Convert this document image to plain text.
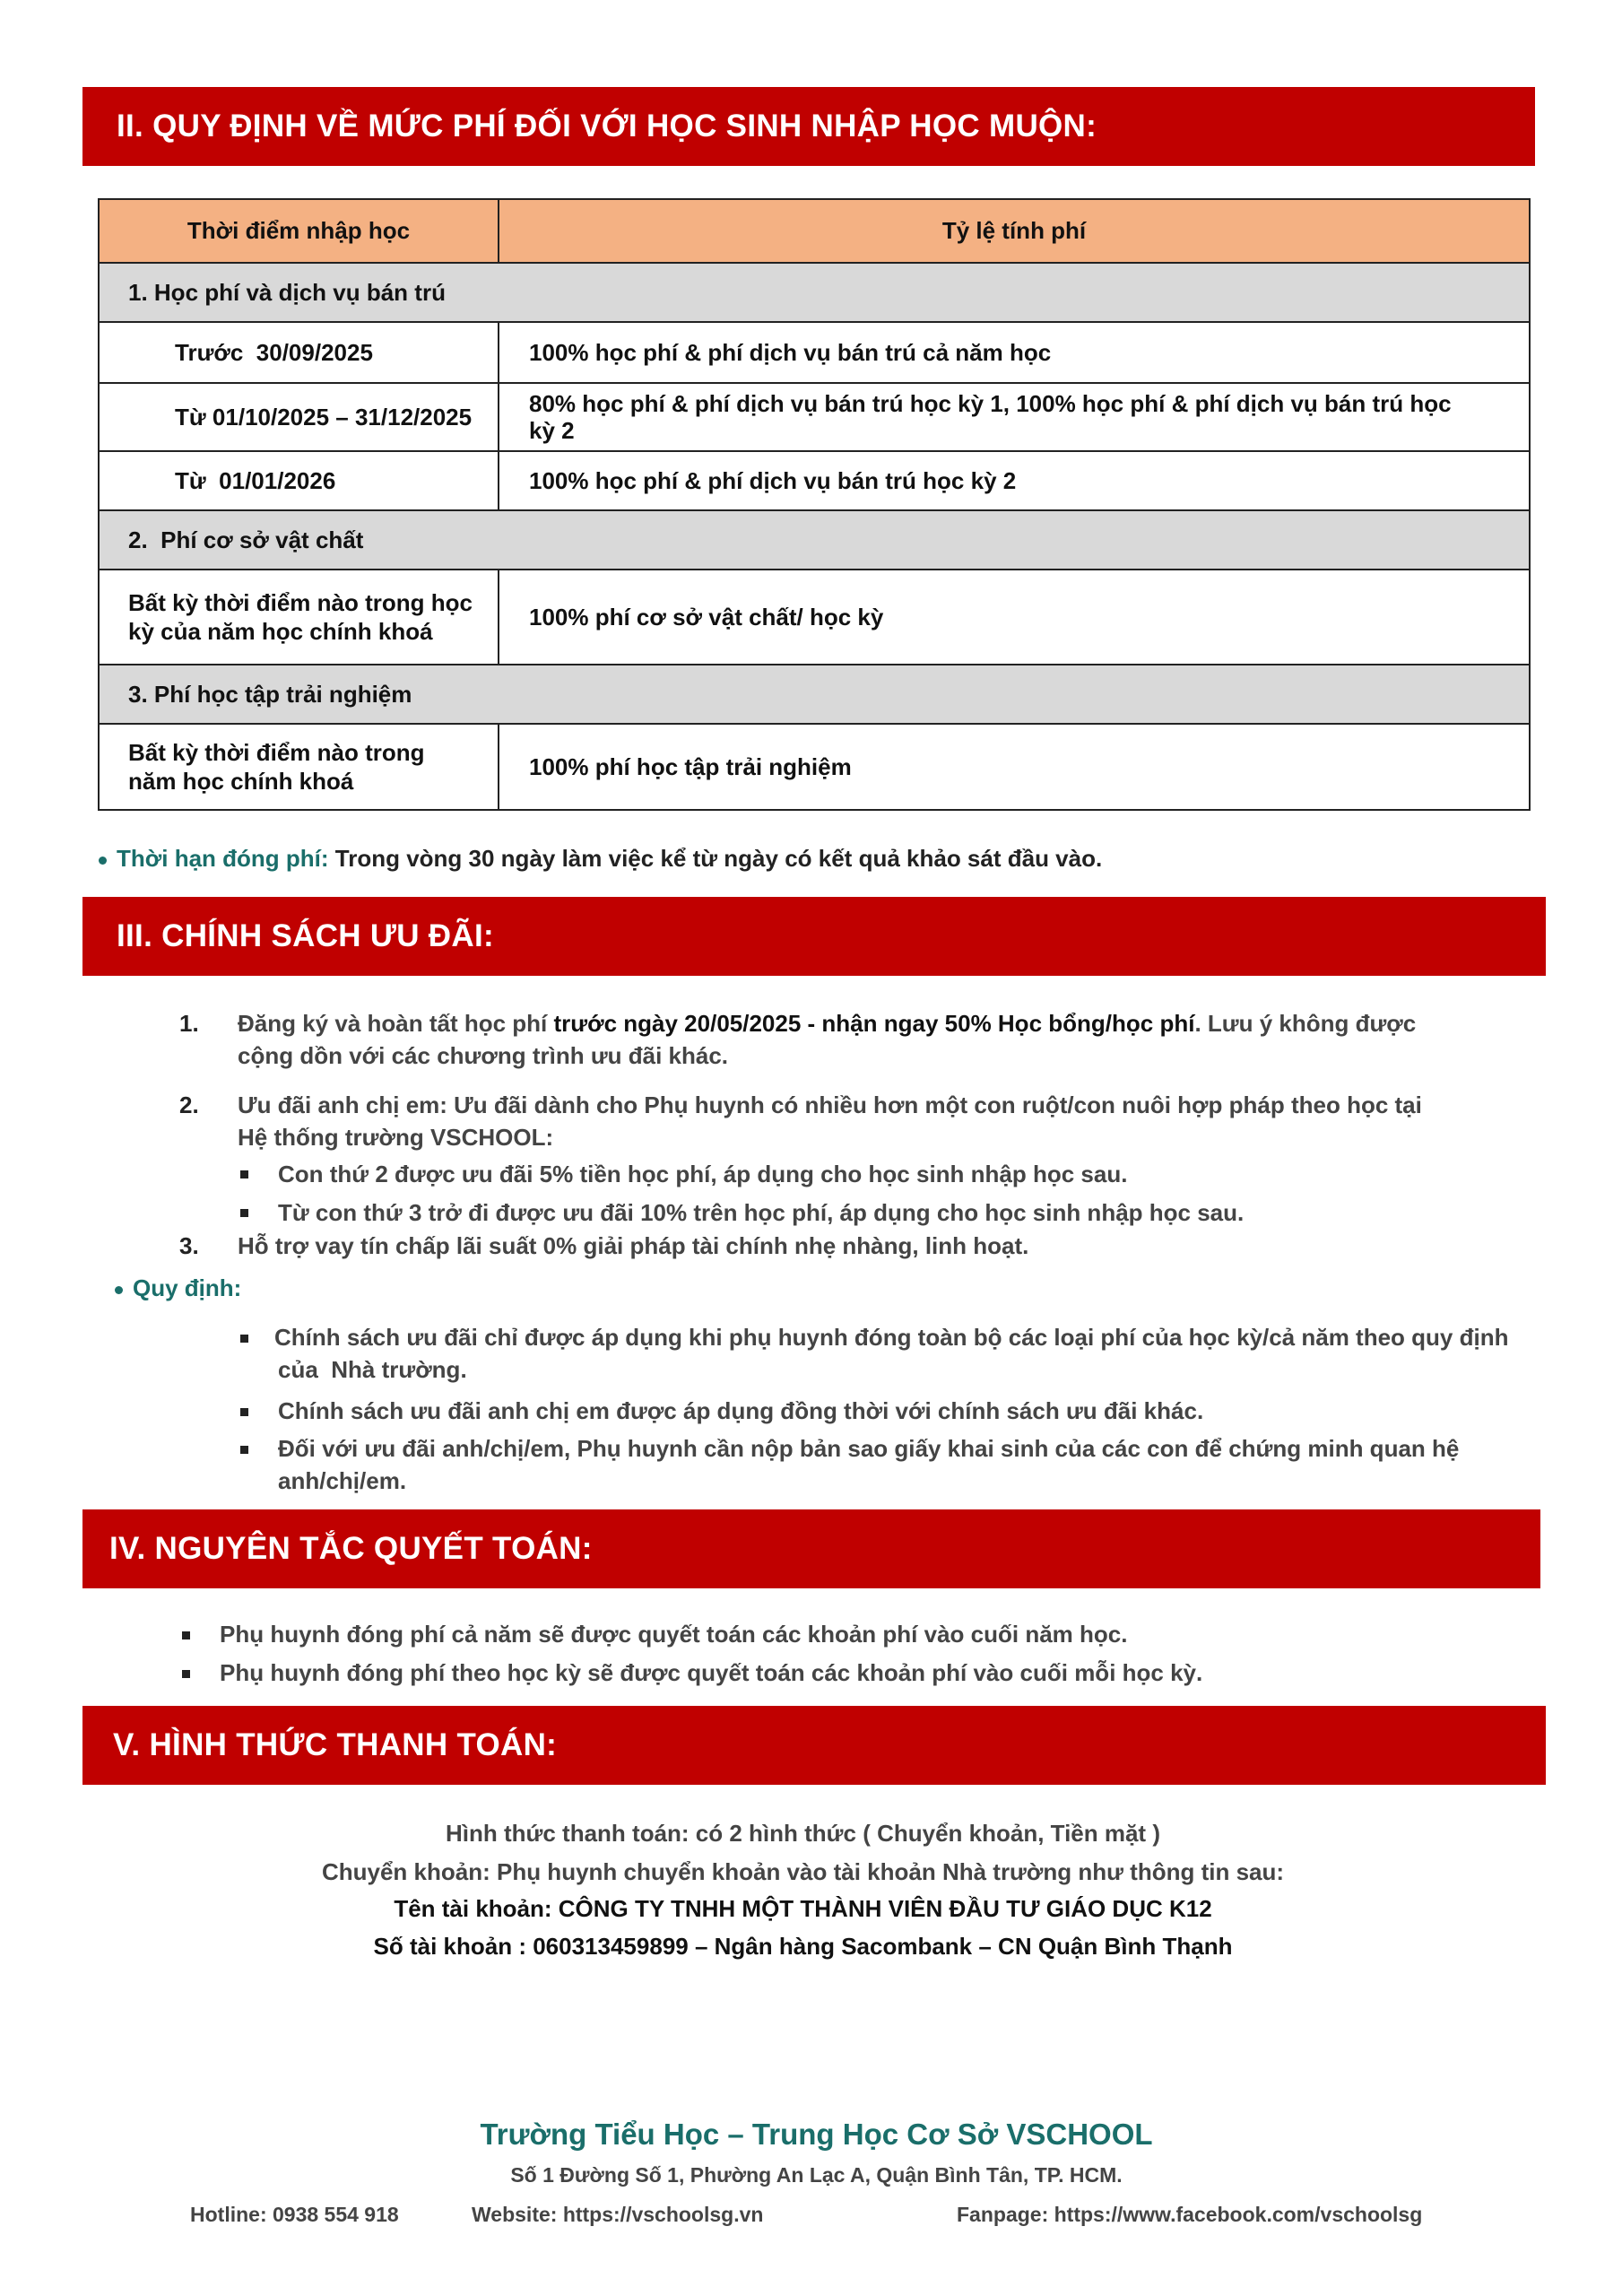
II. QUY ĐỊNH VỀ MỨC PHÍ ĐỐI VỚI HỌC SINH NHẬP HỌC MUỘN:
Thời điểm nhập học	Tỷ lệ tính phí
1. Học phí và dịch vụ bán trú	
Trước  30/09/2025	100% học phí & phí dịch vụ bán trú cả năm học
Từ 01/10/2025 – 31/12/2025	80% học phí & phí dịch vụ bán trú học kỳ 1, 100% học phí & phí dịch vụ bán trú học
kỳ 2

Từ  01/01/2026	100% học phí & phí dịch vụ bán trú học kỳ 2
2.  Phí cơ sở vật chất	

Bất kỳ thời điểm nào trong học
kỳ của năm học chính khoá	100% phí cơ sở vật chất/ học kỳ
3. Phí học tập trải nghiệm	

Bất kỳ thời điểm nào trong
năm học chính khoá	100% phí học tập trải nghiệm
Thời hạn đóng phí: Trong vòng 30 ngày làm việc kể từ ngày có kết quả khảo sát đầu vào.
III. CHÍNH SÁCH ƯU ĐÃI:
1. Đăng ký và hoàn tất học phí trước ngày 20/05/2025 - nhận ngay 50% Học bổng/học phí. Lưu ý không được
cộng dồn với các chương trình ưu đãi khác.
2. Ưu đãi anh chị em: Ưu đãi dành cho Phụ huynh có nhiều hơn một con ruột/con nuôi hợp pháp theo học tại
Hệ thống trường VSCHOOL:
Con thứ 2 được ưu đãi 5% tiền học phí, áp dụng cho học sinh nhập học sau.
Từ con thứ 3 trở đi được ưu đãi 10% trên học phí, áp dụng cho học sinh nhập học sau.
3. Hỗ trợ vay tín chấp lãi suất 0% giải pháp tài chính nhẹ nhàng, linh hoạt.
Quy định:
Chính sách ưu đãi chỉ được áp dụng khi phụ huynh đóng toàn bộ các loại phí của học kỳ/cả năm theo quy định
của  Nhà trường.
Chính sách ưu đãi anh chị em được áp dụng đồng thời với chính sách ưu đãi khác.
Đối với ưu đãi anh/chị/em, Phụ huynh cần nộp bản sao giấy khai sinh của các con để chứng minh quan hệ
anh/chị/em.
IV. NGUYÊN TẮC QUYẾT TOÁN:
Phụ huynh đóng phí cả năm sẽ được quyết toán các khoản phí vào cuối năm học.
Phụ huynh đóng phí theo học kỳ sẽ được quyết toán các khoản phí vào cuối mỗi học kỳ.
V. HÌNH THỨC THANH TOÁN:
Hình thức thanh toán: có 2 hình thức ( Chuyển khoản, Tiền mặt )
Chuyển khoản: Phụ huynh chuyển khoản vào tài khoản Nhà trường như thông tin sau:
Tên tài khoản: CÔNG TY TNHH MỘT THÀNH VIÊN ĐẦU TƯ GIÁO DỤC K12
Số tài khoản : 060313459899 – Ngân hàng Sacombank – CN Quận Bình Thạnh
Trường Tiểu Học – Trung Học Cơ Sở VSCHOOL
Số 1 Đường Số 1, Phường An Lạc A, Quận Bình Tân, TP. HCM.
Hotline: 0938 554 918	Website: https://vschoolsg.vn	Fanpage: https://www.facebook.com/vschoolsg
